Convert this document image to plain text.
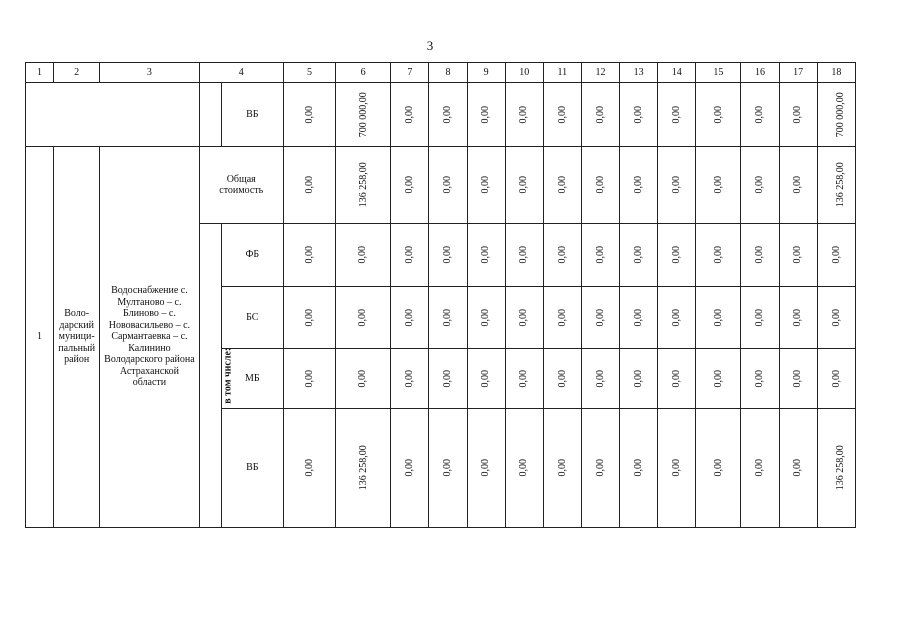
3
1	2	3	4		5	6	7	8	9	10	11	12	13	14	15	16	17	18
				ВБ	0,00	700 000,00	0,00	0,00	0,00	0,00	0,00	0,00	0,00	0,00	0,00	0,00	0,00	700 000,00
1	Воло-дарский муници-пальный район	Водоснабжение с. Мултаново – с. Блиново – с. Нововасильево – с. Сармантаевка – с. Калинино Володарского района Астраханской области	Общая стоимость		0,00	136 258,00	0,00	0,00	0,00	0,00	0,00	0,00	0,00	0,00	0,00	0,00	0,00	136 258,00
			в том числе:	ФБ	0,00	0,00	0,00	0,00	0,00	0,00	0,00	0,00	0,00	0,00	0,00	0,00	0,00	0,00
				БС	0,00	0,00	0,00	0,00	0,00	0,00	0,00	0,00	0,00	0,00	0,00	0,00	0,00	0,00
				МБ	0,00	0,00	0,00	0,00	0,00	0,00	0,00	0,00	0,00	0,00	0,00	0,00	0,00	0,00
				ВБ	0,00	136 258,00	0,00	0,00	0,00	0,00	0,00	0,00	0,00	0,00	0,00	0,00	0,00	136 258,00
